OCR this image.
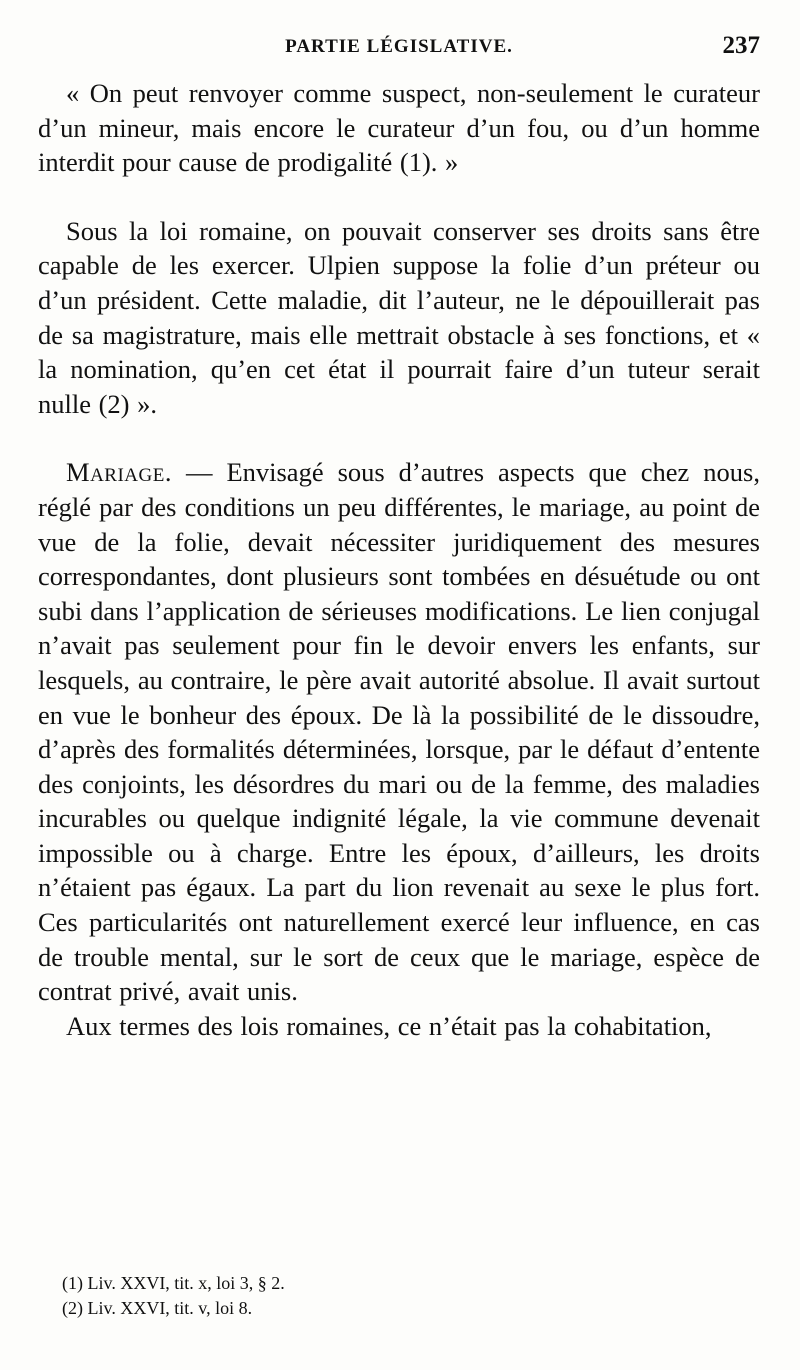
PARTIE LÉGISLATIVE.	237

« On peut renvoyer comme suspect, non-seulement le curateur d’un mineur, mais encore le curateur d’un fou, ou d’un homme interdit pour cause de prodigalité (1). »

Sous la loi romaine, on pouvait conserver ses droits sans être capable de les exercer. Ulpien suppose la folie d’un préteur ou d’un président. Cette maladie, dit l’auteur, ne le dépouillerait pas de sa magistrature, mais elle mettrait obstacle à ses fonctions, et « la nomination, qu’en cet état il pourrait faire d’un tuteur serait nulle (2) ».

Mariage. — Envisagé sous d’autres aspects que chez nous, réglé par des conditions un peu différentes, le mariage, au point de vue de la folie, devait nécessiter juridiquement des mesures correspondantes, dont plusieurs sont tombées en désuétude ou ont subi dans l’application de sérieuses modifications. Le lien conjugal n’avait pas seulement pour fin le devoir envers les enfants, sur lesquels, au contraire, le père avait autorité absolue. Il avait surtout en vue le bonheur des époux. De là la possibilité de le dissoudre, d’après des formalités déterminées, lorsque, par le défaut d’entente des conjoints, les désordres du mari ou de la femme, des maladies incurables ou quelque indignité légale, la vie commune devenait impossible ou à charge. Entre les époux, d’ailleurs, les droits n’étaient pas égaux. La part du lion revenait au sexe le plus fort. Ces particularités ont naturellement exercé leur influence, en cas de trouble mental, sur le sort de ceux que le mariage, espèce de contrat privé, avait unis.

Aux termes des lois romaines, ce n’était pas la cohabitation,

(1) Liv. XXVI, tit. x, loi 3, § 2.

(2) Liv. XXVI, tit. v, loi 8.
